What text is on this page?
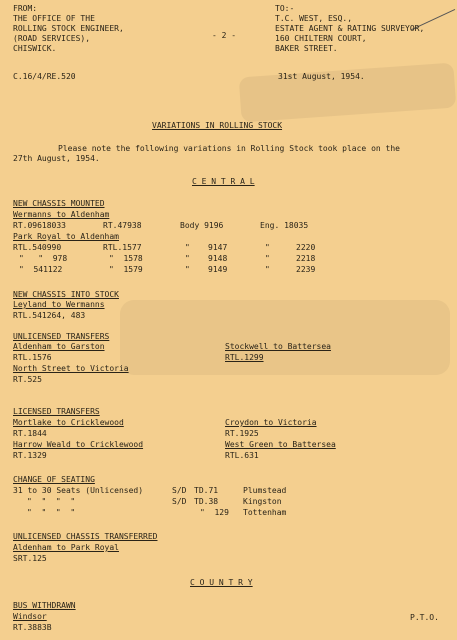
FROM:
THE OFFICE OF THE
ROLLING STOCK ENGINEER,
(ROAD SERVICES),
CHISWICK.
- 2 -
TO:-
T.C. WEST, ESQ.,
ESTATE AGENT & RATING SURVEYOR,
160 CHILTERN COURT,
BAKER STREET.
C.16/4/RE.520	31st August, 1954.
VARIATIONS IN ROLLING STOCK
Please note the following variations in Rolling Stock took place on the
27th August, 1954.
C E N T R A L
NEW CHASSIS MOUNTED
Wermanns to Aldenham
RT.09618033	RT.47938	Body 9196	Eng. 18035
Park Royal to Aldenham
RTL.540990	RTL.1577	" 9147	"	2220
"   "  978	"  1578	" 9148	"	2218
"  541122	"  1579	" 9149	"	2239
NEW CHASSIS INTO STOCK
Leyland to Wermanns
RTL.541264, 483
UNLICENSED TRANSFERS
Aldenham to Garston
RTL.1576
North Street to Victoria
RT.525
Stockwell to Battersea
RTL.1299
LICENSED TRANSFERS
Mortlake to Cricklewood
RT.1844
Harrow Weald to Cricklewood
RT.1329
Croydon to Victoria
RT.1925
West Green to Battersea
RTL.631
CHANGE OF SEATING
31 to 30 Seats (Unlicensed)	S/D TD.71	Plumstead
"  "  "  "	S/D TD.38	Kingston
"  "  "  "	"  129 Tottenham
UNLICENSED CHASSIS TRANSFERRED
Aldenham to Park Royal
SRT.125
C O U N T R Y
BUS WITHDRAWN
Windsor
RT.3883B
P.T.O.
